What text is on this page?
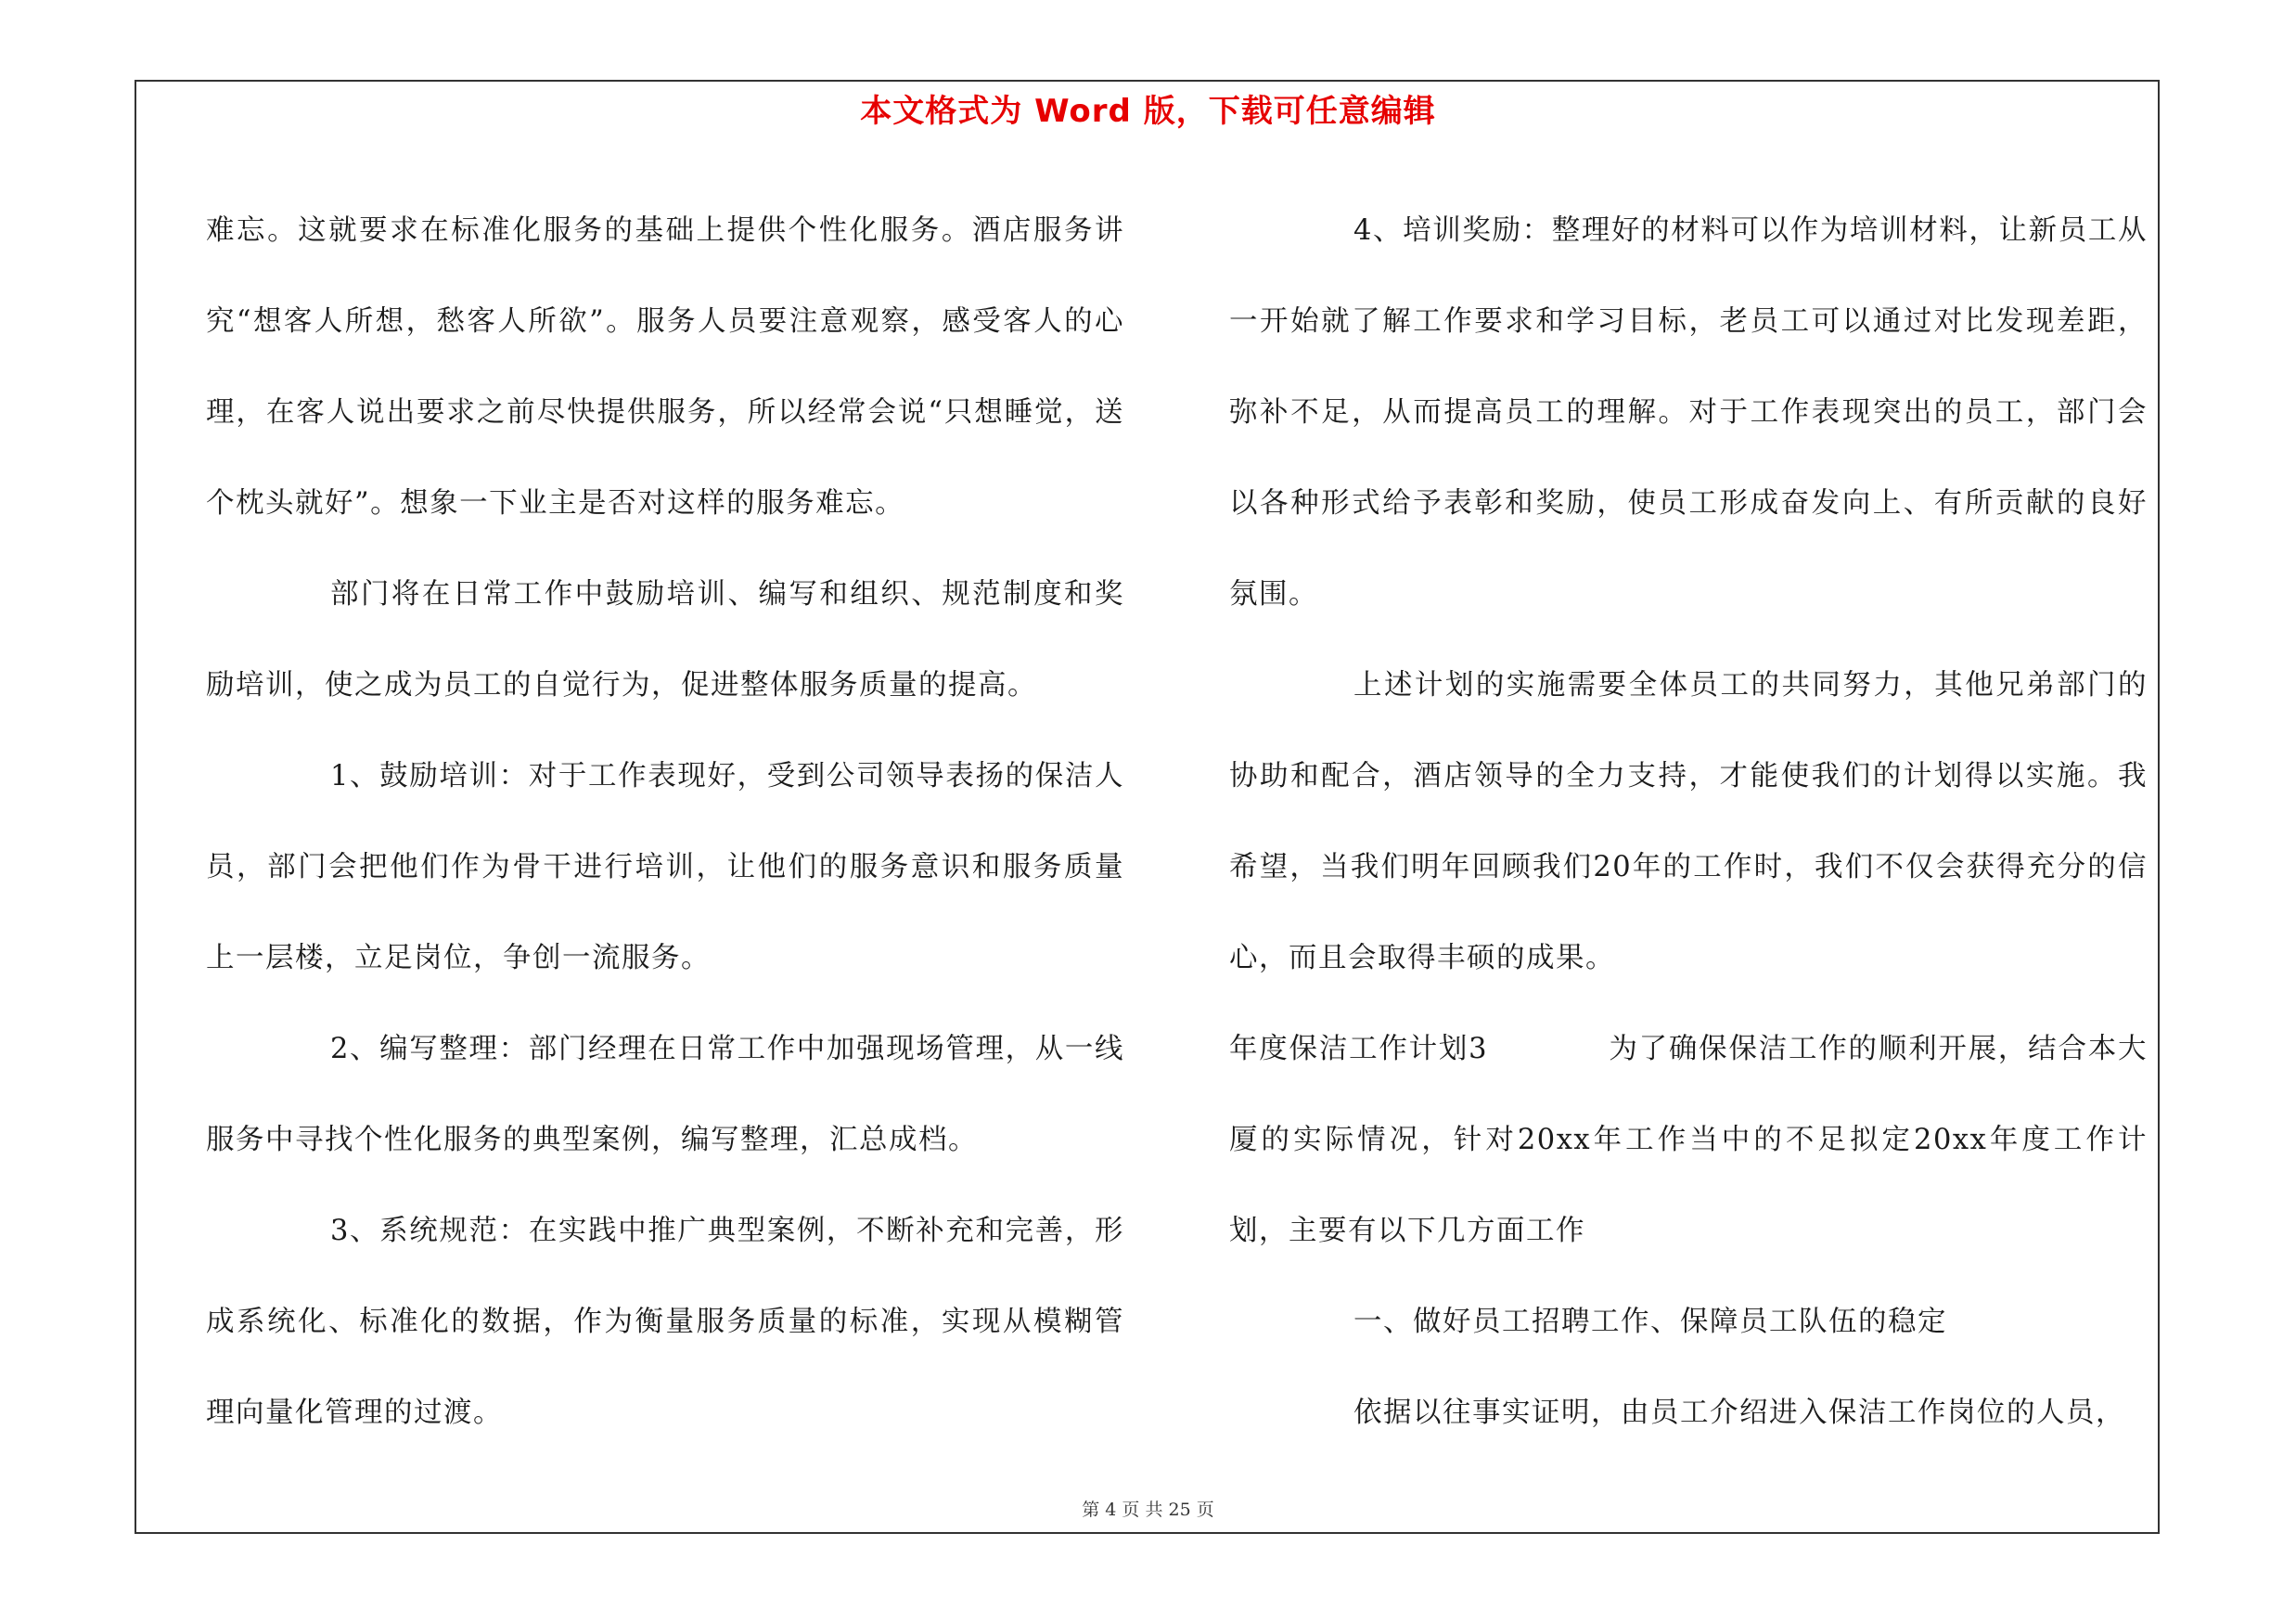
本文格式为 Word 版，下载可任意编辑

难忘。这就要求在标准化服务的基础上提供个性化服务。酒店服务讲究“想客人所想，愁客人所欲”。服务人员要注意观察，感受客人的心理，在客人说出要求之前尽快提供服务，所以经常会说“只想睡觉，送个枕头就好”。想象一下业主是否对这样的服务难忘。

部门将在日常工作中鼓励培训、编写和组织、规范制度和奖励培训，使之成为员工的自觉行为，促进整体服务质量的提高。

1、鼓励培训：对于工作表现好，受到公司领导表扬的保洁人员，部门会把他们作为骨干进行培训，让他们的服务意识和服务质量上一层楼，立足岗位，争创一流服务。

2、编写整理：部门经理在日常工作中加强现场管理，从一线服务中寻找个性化服务的典型案例，编写整理，汇总成档。

3、系统规范：在实践中推广典型案例，不断补充和完善，形成系统化、标准化的数据，作为衡量服务质量的标准，实现从模糊管理向量化管理的过渡。

4、培训奖励：整理好的材料可以作为培训材料，让新员工从一开始就了解工作要求和学习目标，老员工可以通过对比发现差距，弥补不足，从而提高员工的理解。对于工作表现突出的员工，部门会以各种形式给予表彰和奖励，使员工形成奋发向上、有所贡献的良好氛围。

上述计划的实施需要全体员工的共同努力，其他兄弟部门的协助和配合，酒店领导的全力支持，才能使我们的计划得以实施。我希望，当我们明年回顾我们20年的工作时，我们不仅会获得充分的信心，而且会取得丰硕的成果。

年度保洁工作计划3	为了确保保洁工作的顺利开展，结合本大厦的实际情况，针对20xx年工作当中的不足拟定20xx年度工作计划，主要有以下几方面工作

一、做好员工招聘工作、保障员工队伍的稳定

依据以往事实证明，由员工介绍进入保洁工作岗位的人员，

第 4 页 共 25 页
